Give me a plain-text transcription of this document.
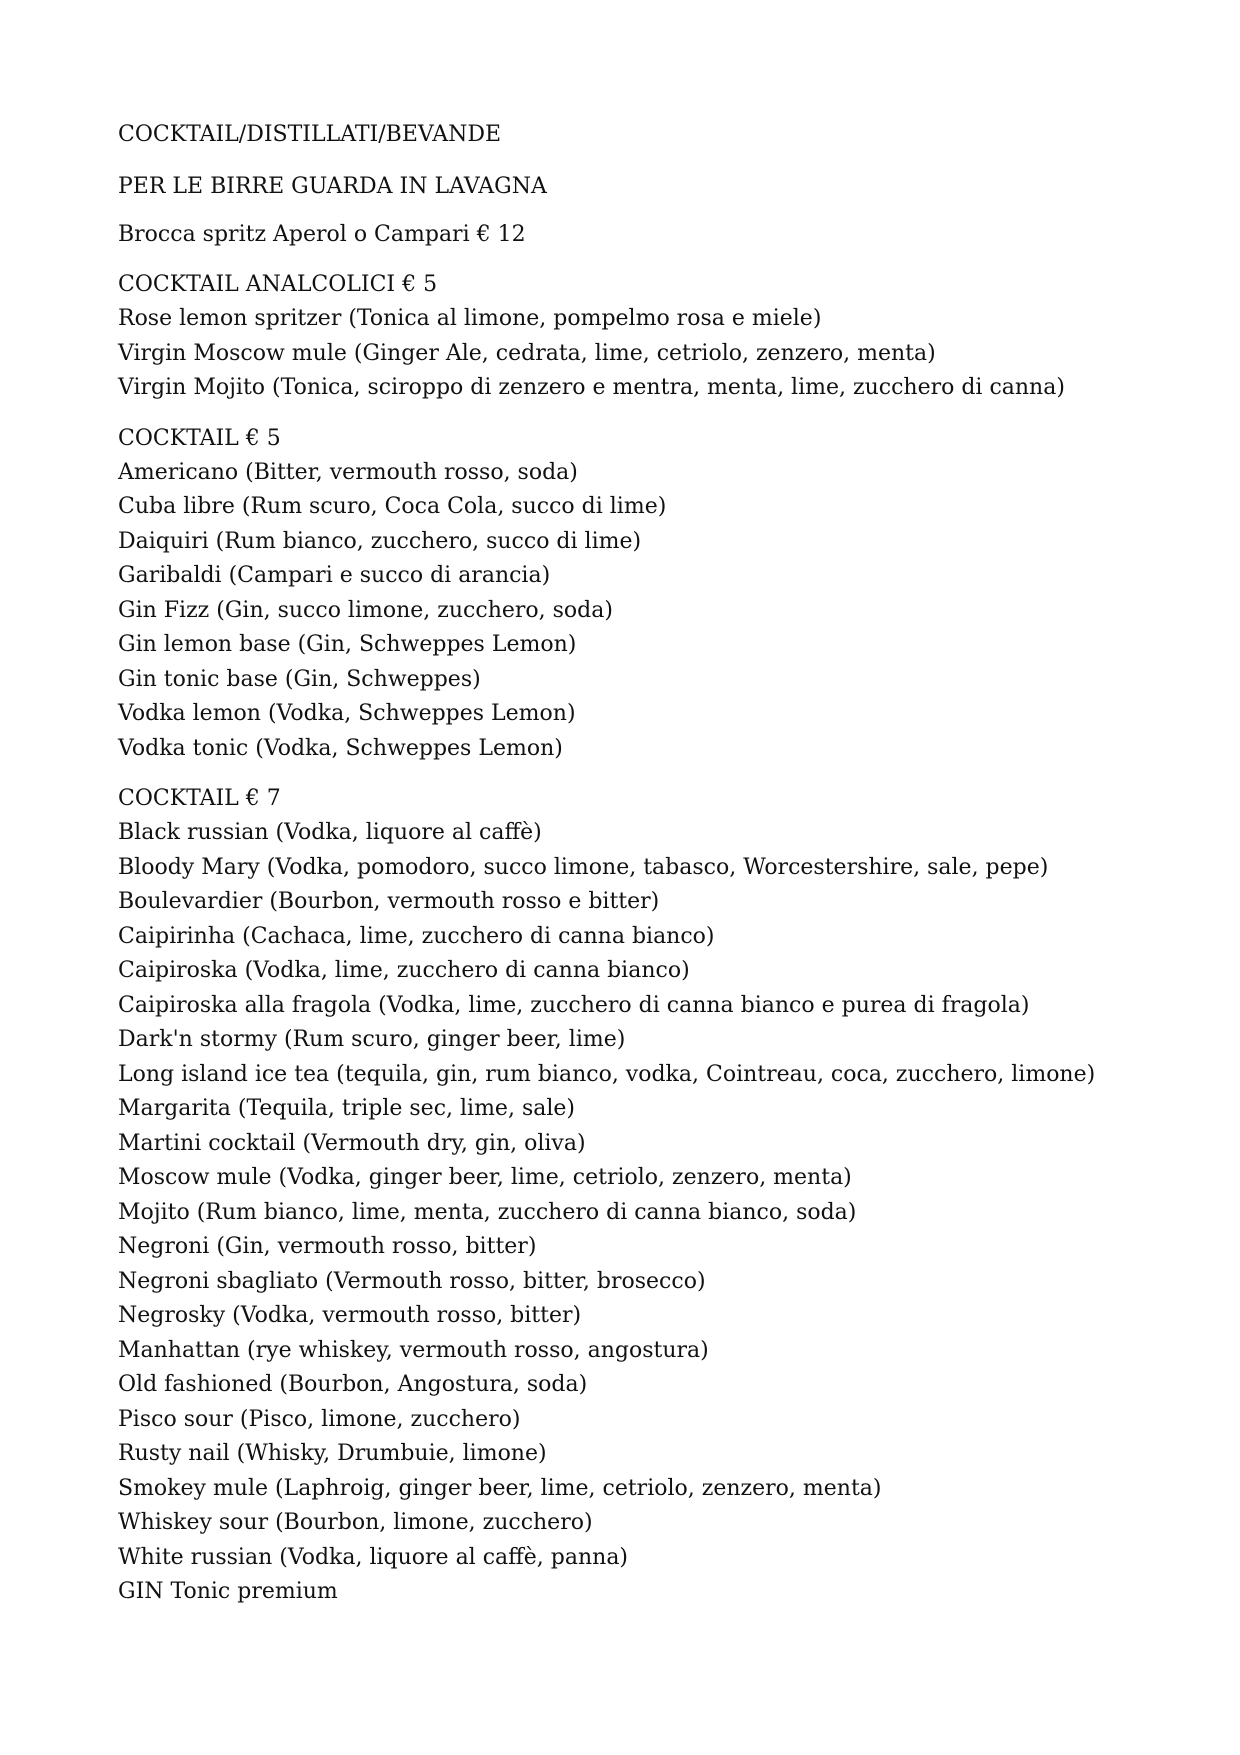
COCKTAIL/DISTILLATI/BEVANDE
PER LE BIRRE GUARDA IN LAVAGNA
Brocca spritz Aperol o Campari € 12
COCKTAIL ANALCOLICI € 5
Rose lemon spritzer (Tonica al limone, pompelmo rosa e miele)
Virgin Moscow mule (Ginger Ale, cedrata, lime, cetriolo, zenzero, menta)
Virgin Mojito (Tonica, sciroppo di zenzero e mentra, menta, lime, zucchero di canna)
COCKTAIL € 5
Americano (Bitter, vermouth rosso, soda)
Cuba libre (Rum scuro, Coca Cola, succo di lime)
Daiquiri (Rum bianco, zucchero, succo di lime)
Garibaldi (Campari e succo di arancia)
Gin Fizz (Gin, succo limone, zucchero, soda)
Gin lemon base (Gin, Schweppes Lemon)
Gin tonic base (Gin, Schweppes)
Vodka lemon (Vodka, Schweppes Lemon)
Vodka tonic (Vodka, Schweppes Lemon)
COCKTAIL € 7
Black russian (Vodka, liquore al caffè)
Bloody Mary (Vodka, pomodoro, succo limone, tabasco, Worcestershire, sale, pepe)
Boulevardier (Bourbon, vermouth rosso e bitter)
Caipirinha (Cachaca, lime, zucchero di canna bianco)
Caipiroska (Vodka, lime, zucchero di canna bianco)
Caipiroska alla fragola (Vodka, lime, zucchero di canna bianco e purea di fragola)
Dark'n stormy (Rum scuro, ginger beer, lime)
Long island ice tea (tequila, gin, rum bianco, vodka, Cointreau, coca, zucchero, limone)
Margarita (Tequila, triple sec, lime, sale)
Martini cocktail (Vermouth dry, gin, oliva)
Moscow mule (Vodka, ginger beer, lime, cetriolo, zenzero, menta)
Mojito (Rum bianco, lime, menta, zucchero di canna bianco, soda)
Negroni (Gin, vermouth rosso, bitter)
Negroni sbagliato (Vermouth rosso, bitter, brosecco)
Negrosky (Vodka, vermouth rosso, bitter)
Manhattan (rye whiskey, vermouth rosso, angostura)
Old fashioned (Bourbon, Angostura, soda)
Pisco sour (Pisco, limone, zucchero)
Rusty nail (Whisky, Drumbuie, limone)
Smokey mule (Laphroig, ginger beer, lime, cetriolo, zenzero, menta)
Whiskey sour (Bourbon, limone, zucchero)
White russian (Vodka, liquore al caffè, panna)
GIN Tonic premium
